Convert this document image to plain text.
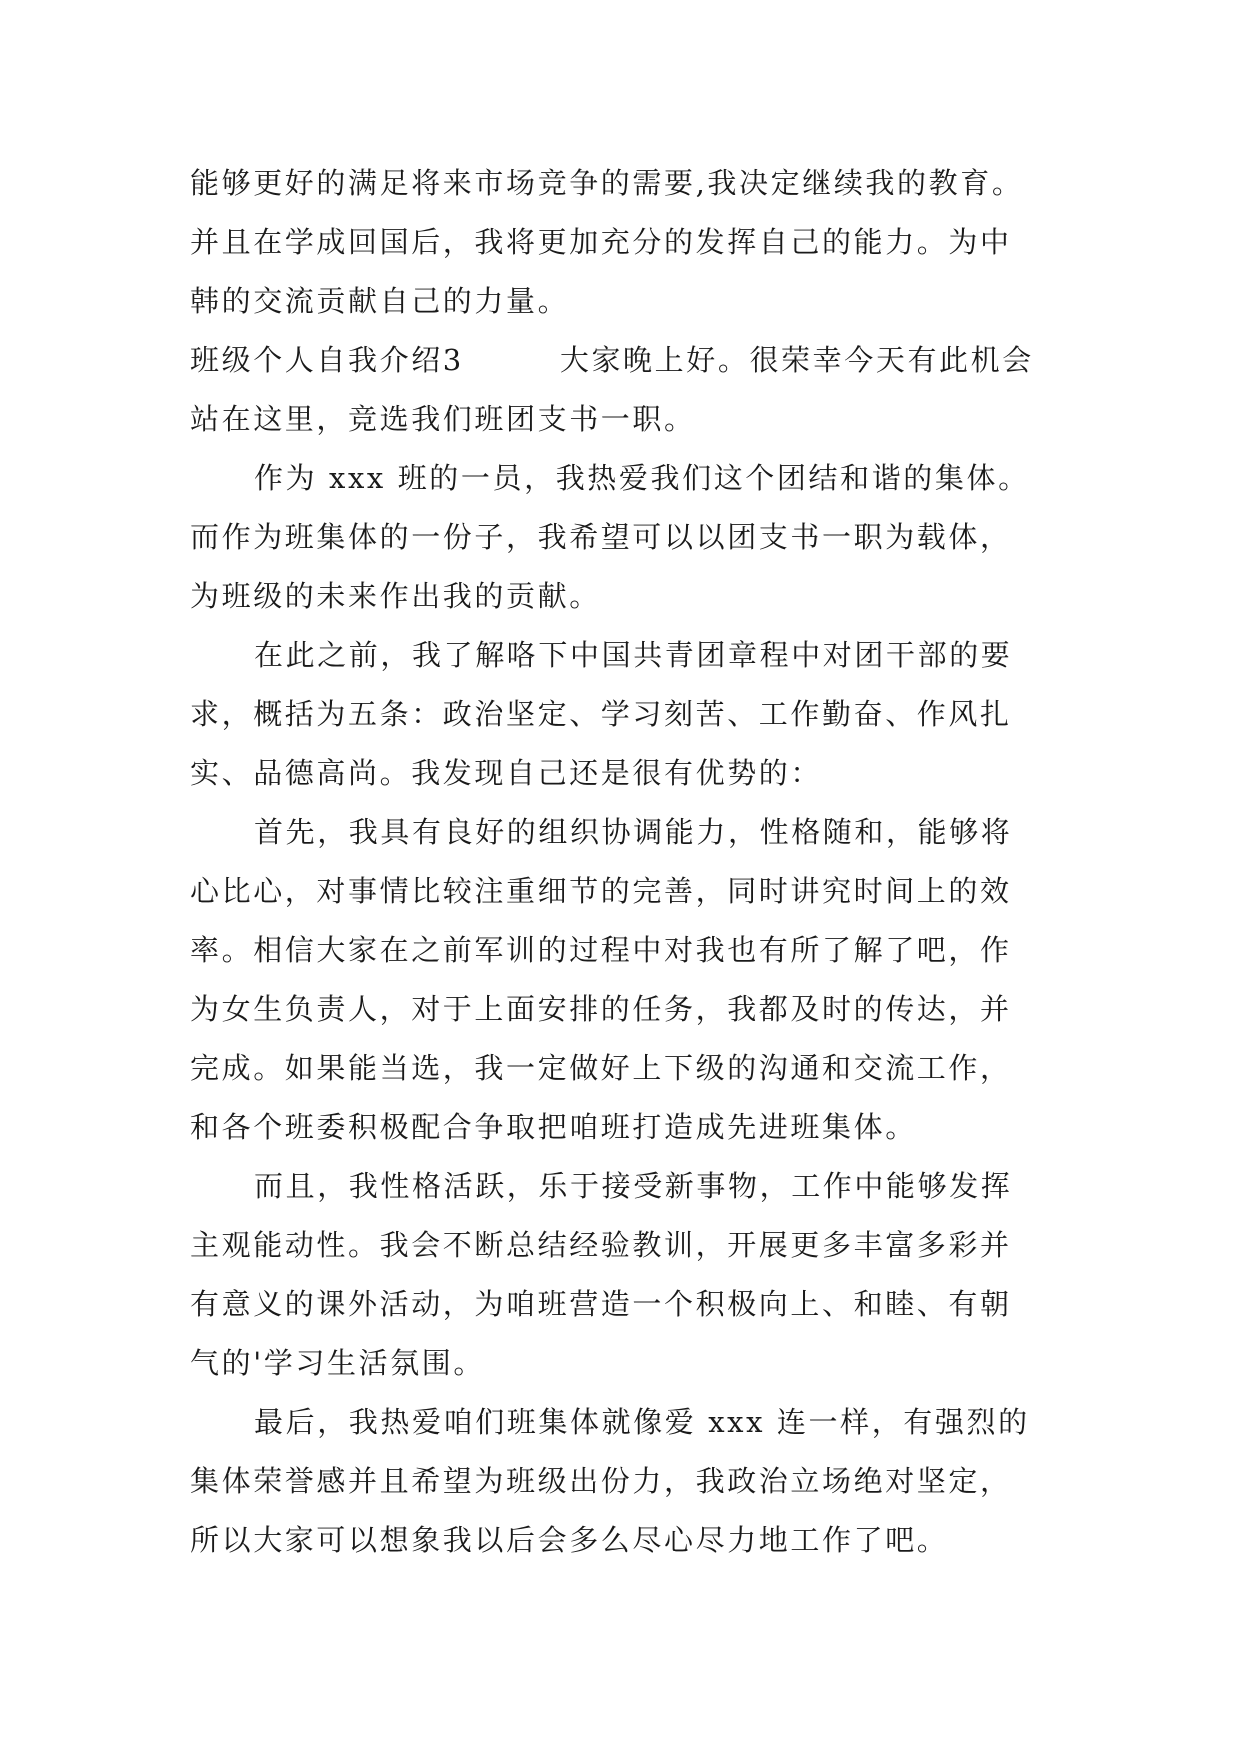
能够更好的满足将来市场竞争的需要,我决定继续我的教育。
并且在学成回国后，我将更加充分的发挥自己的能力。为中
韩的交流贡献自己的力量。
班级个人自我介绍3	大家晚上好。很荣幸今天有此机会
站在这里，竞选我们班团支书一职。
作为 xxx 班的一员，我热爱我们这个团结和谐的集体。
而作为班集体的一份子，我希望可以以团支书一职为载体，
为班级的未来作出我的贡献。
在此之前，我了解咯下中国共青团章程中对团干部的要
求，概括为五条：政治坚定、学习刻苦、工作勤奋、作风扎
实、品德高尚。我发现自己还是很有优势的：
首先，我具有良好的组织协调能力，性格随和，能够将
心比心，对事情比较注重细节的完善，同时讲究时间上的效
率。相信大家在之前军训的过程中对我也有所了解了吧，作
为女生负责人，对于上面安排的任务，我都及时的传达，并
完成。如果能当选，我一定做好上下级的沟通和交流工作，
和各个班委积极配合争取把咱班打造成先进班集体。
而且，我性格活跃，乐于接受新事物，工作中能够发挥
主观能动性。我会不断总结经验教训，开展更多丰富多彩并
有意义的课外活动，为咱班营造一个积极向上、和睦、有朝
气的'学习生活氛围。
最后，我热爱咱们班集体就像爱 xxx 连一样，有强烈的
集体荣誉感并且希望为班级出份力，我政治立场绝对坚定，
所以大家可以想象我以后会多么尽心尽力地工作了吧。
